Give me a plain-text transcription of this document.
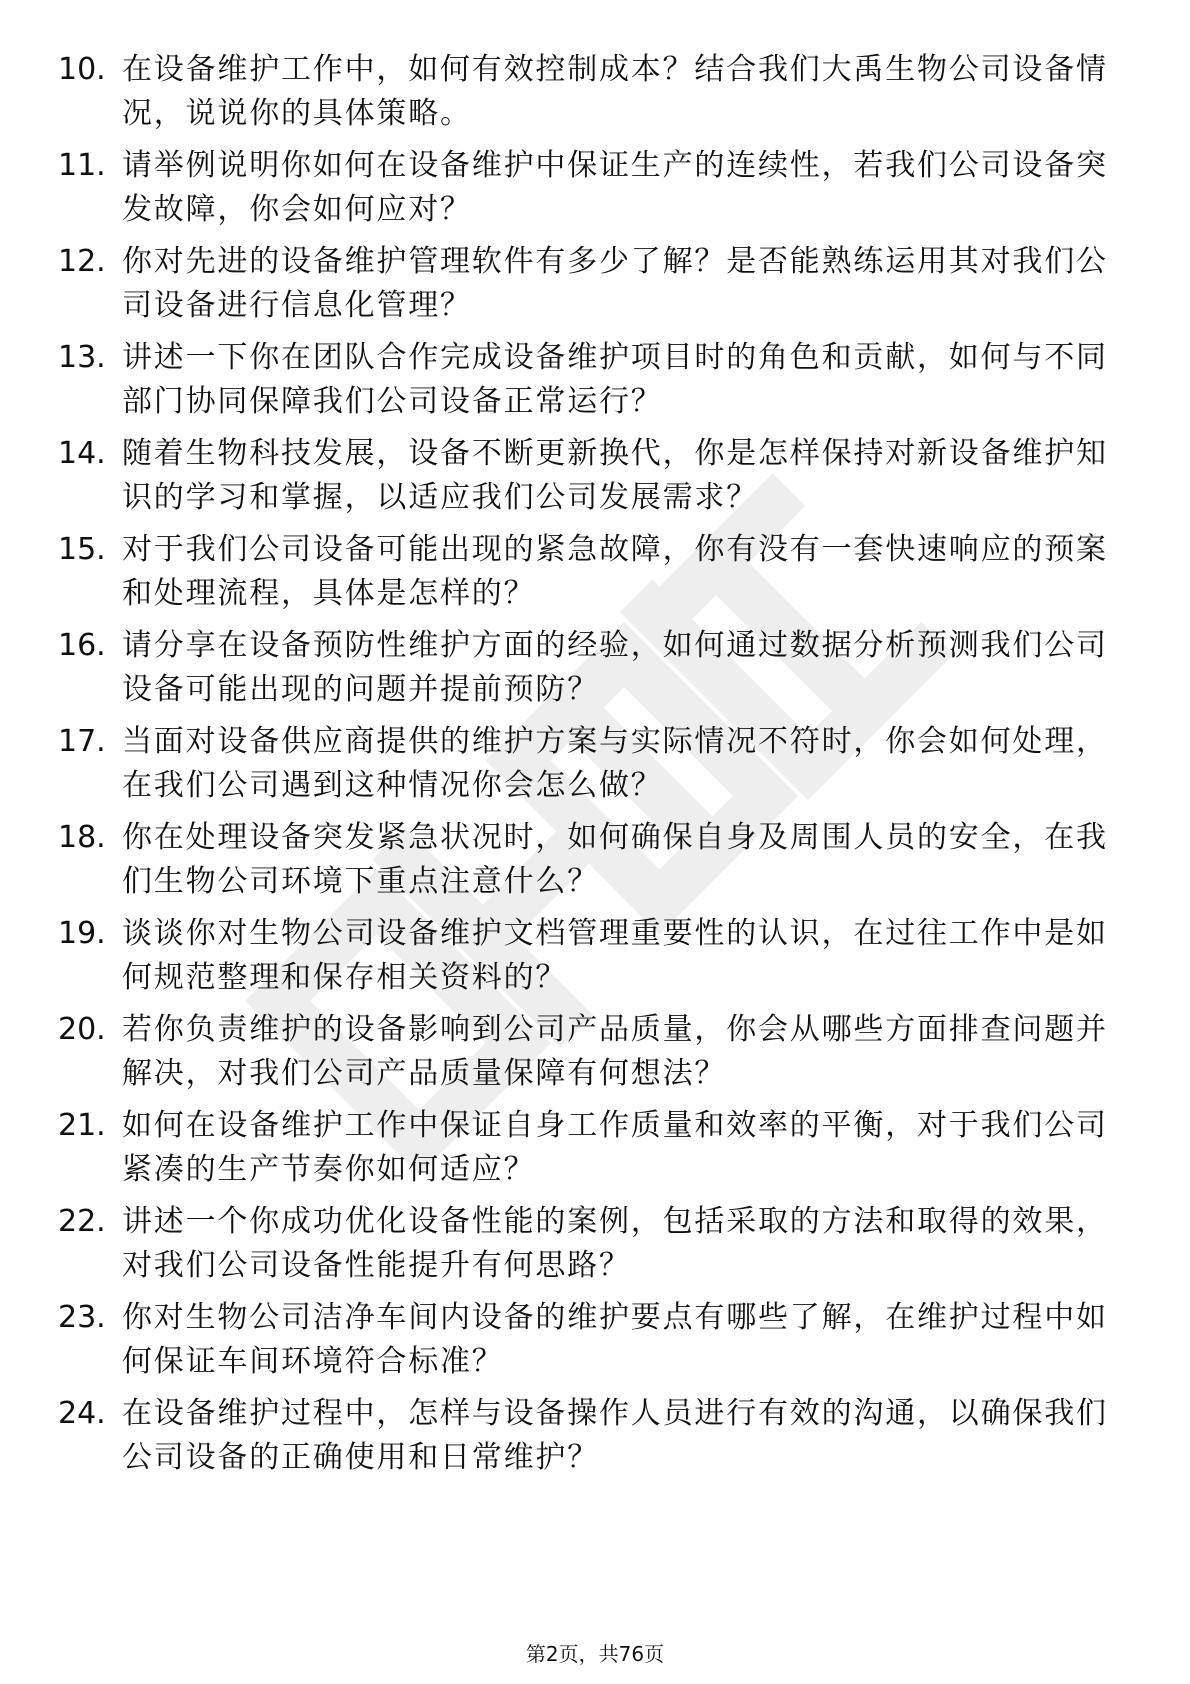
10. 在设备维护工作中，如何有效控制成本？结合我们大禹生物公司设备情况，说说你的具体策略。
11. 请举例说明你如何在设备维护中保证生产的连续性，若我们公司设备突发故障，你会如何应对？
12. 你对先进的设备维护管理软件有多少了解？是否能熟练运用其对我们公司设备进行信息化管理？
13. 讲述一下你在团队合作完成设备维护项目时的角色和贡献，如何与不同部门协同保障我们公司设备正常运行？
14. 随着生物科技发展，设备不断更新换代，你是怎样保持对新设备维护知识的学习和掌握，以适应我们公司发展需求？
15. 对于我们公司设备可能出现的紧急故障，你有没有一套快速响应的预案和处理流程，具体是怎样的？
16. 请分享在设备预防性维护方面的经验，如何通过数据分析预测我们公司设备可能出现的问题并提前预防？
17. 当面对设备供应商提供的维护方案与实际情况不符时，你会如何处理，在我们公司遇到这种情况你会怎么做？
18. 你在处理设备突发紧急状况时，如何确保自身及周围人员的安全，在我们生物公司环境下重点注意什么？
19. 谈谈你对生物公司设备维护文档管理重要性的认识，在过往工作中是如何规范整理和保存相关资料的？
20. 若你负责维护的设备影响到公司产品质量，你会从哪些方面排查问题并解决，对我们公司产品质量保障有何想法？
21. 如何在设备维护工作中保证自身工作质量和效率的平衡，对于我们公司紧凑的生产节奏你如何适应？
22. 讲述一个你成功优化设备性能的案例，包括采取的方法和取得的效果，对我们公司设备性能提升有何思路？
23. 你对生物公司洁净车间内设备的维护要点有哪些了解，在维护过程中如何保证车间环境符合标准？
24. 在设备维护过程中，怎样与设备操作人员进行有效的沟通，以确保我们公司设备的正确使用和日常维护？
第2页，共76页
